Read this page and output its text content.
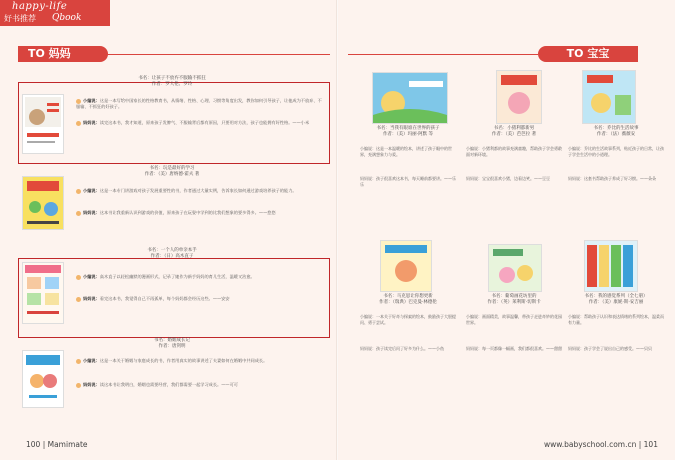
happy-life
好书推荐 Qbook
TO 妈妈
书名：让孩子不放弃不服输不抓狂
作者：罗大伦、罗玲
小编说：这是一本写给中国家长的性格教育书，从情绪、性格、心理、习惯等角度出发，教你如何引导孩子，让他成为不放弃、不服输、不抓狂的好孩子。
妈妈说：读完这本书，我才知道，原来孩子发脾气、不服输背后都有原因，只要用对方法，孩子也能拥有好性格。——小米
书名：玩是最好的学习
作者：（美）唐纳德·霍夫 著
小编说：这是一本专门讲游戏对孩子发展重要性的书，作者通过大量实例，告诉家长如何通过游戏培养孩子的能力。
妈妈说：这本书让我重新认识到游戏的价值，原来孩子在玩耍中学到的比我们想象的要多得多。——悠悠
书名：一个人的单亲本手
作者：（日）高木直子
小编说：高木直子以轻松幽默的漫画形式，记录了她作为新手妈妈的育儿生活，温暖又治愈。
妈妈说：看完这本书，我觉得自己不再孤单，每个妈妈都会经历这些。——安安
书名：婚姻成长记
作者：唐剑明
小编说：这是一本关于婚姻与家庭成长的书，作者用真实的故事讲述了夫妻如何在婚姻中共同成长。
妈妈说：读这本书让我明白，婚姻也需要经营，我们都需要一起学习成长。——可可
100 | Mamimate	www.babyschool.com.cn | 101
TO 宝宝
书名：当我有眼谁在世界的孩子
作者：（美）玛丽·阿默 等
书名：小猪利都新男
作者：（美）芭芭拉 著
书名：乔比的生活故事
作者：（法）薇薇安
小编说：这是一本温暖的绘本，讲述了孩子眼中的世界，充满想象力与爱。
妈妈说：孩子很喜欢这本书，每天睡前都要讲。——乐乐
小编说：小猪利都的故事充满童趣，帮助孩子学会勇敢面对新环境。
妈妈说：宝宝很喜欢小猪，边看边笑。——豆豆
小编说：乔比的生活故事系列，贴近孩子的日常，让孩子学会生活中的小道理。
妈妈说：这套书帮助孩子养成了好习惯。——朵朵
书名：马克思让你想更新
作者：（瑞典）巴克曼·林德伦
书名：葡萄画花坊里的
作者：（英）莱利斯·切斯卡
书名：我的感觉系列（全七册）
作者：（美）康妮·斯·安吉丽
小编说：一本关于好奇与探索的绘本，鼓励孩子大胆提问、勇于尝试。
妈妈说：孩子读完后问了好多为什么。——小鱼
小编说：画面精美，故事温馨，带孩子走进奇妙的花园世界。
妈妈说：每一页都像一幅画，我们都很喜欢。——甜甜
小编说：帮助孩子认识和表达情绪的系列绘本，温柔而有力量。
妈妈说：孩子学会了说出自己的感受。——贝贝
